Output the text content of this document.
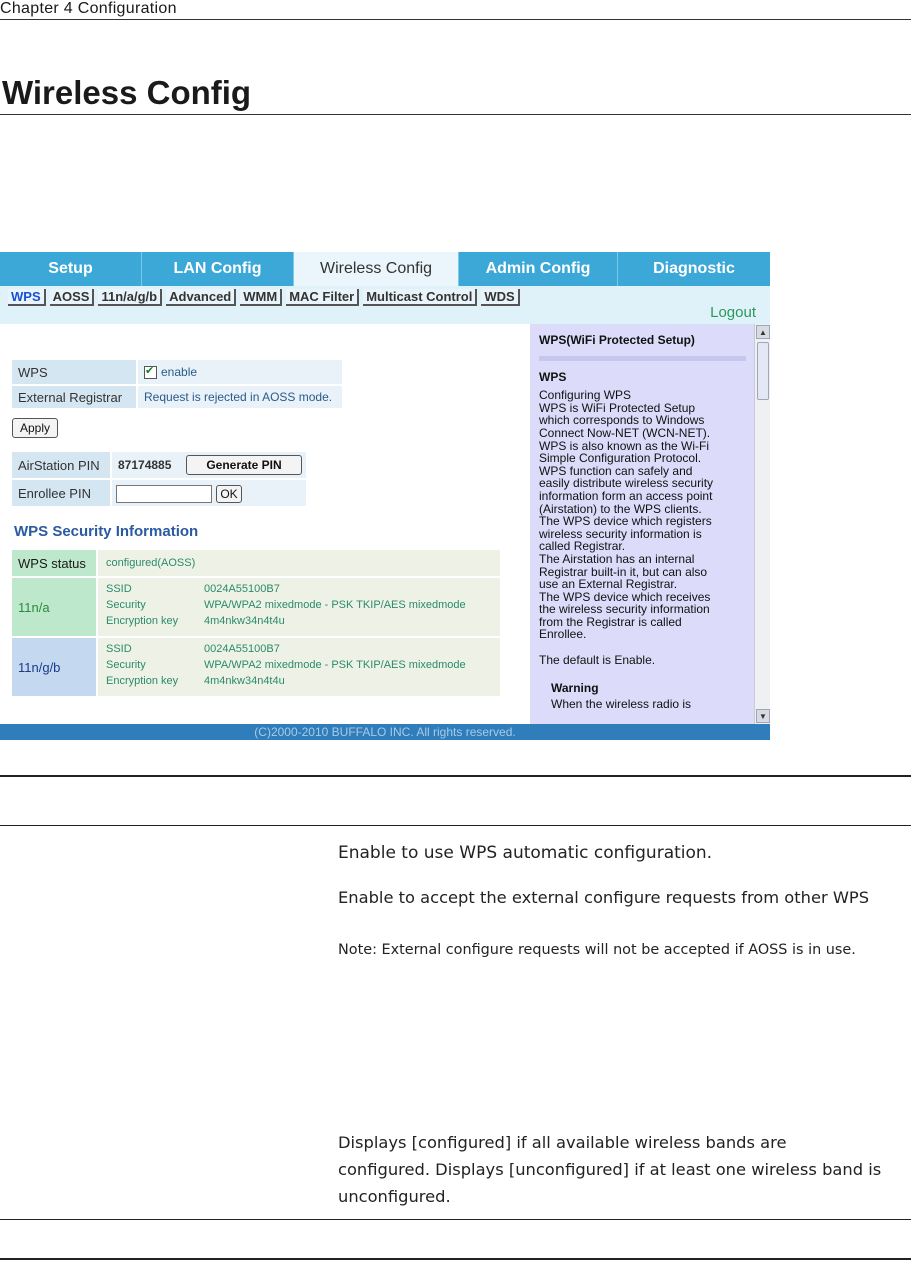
Chapter 4 Configuration
Wireless Config
Setup	LAN Config	Wireless Config	Admin Config	Diagnostic
WPS AOSS 11n/a/g/b Advanced WMM MAC Filter Multicast Control WDS
Logout
WPS
✔	enable
External Registrar	Request is rejected in AOSS mode.
Apply
AirStation PIN	87174885	Generate PIN
Enrollee PIN	OK
WPS Security Information
WPS status	configured(AOSS)
11n/a
SSID	0024A55100B7
Security	WPA/WPA2 mixedmode - PSK TKIP/AES mixedmode
Encryption key	4m4nkw34n4t4u
11n/g/b
SSID	0024A55100B7
Security	WPA/WPA2 mixedmode - PSK TKIP/AES mixedmode
Encryption key	4m4nkw34n4t4u
WPS(WiFi Protected Setup)
WPS
Configuring WPS
WPS is WiFi Protected Setup
which corresponds to Windows
Connect Now-NET (WCN-NET).
WPS is also known as the Wi-Fi
Simple Configuration Protocol.
WPS function can safely and
easily distribute wireless security
information form an access point
(Airstation) to the WPS clients.
The WPS device which registers
wireless security information is
called Registrar.
The Airstation has an internal
Registrar built-in it, but can also
use an External Registrar.
The WPS device which receives
the wireless security information
from the Registrar is called
Enrollee.
The default is Enable.
Warning
When the wireless radio is
▲
▼
(C)2000-2010 BUFFALO INC. All rights reserved.
Enable to use WPS automatic configuration.
Enable to accept the external configure requests from other WPS
Note: External configure requests will not be accepted if AOSS is in use.
Displays [configured] if all available wireless bands are
configured. Displays [unconfigured] if at least one wireless band is
unconfigured.
